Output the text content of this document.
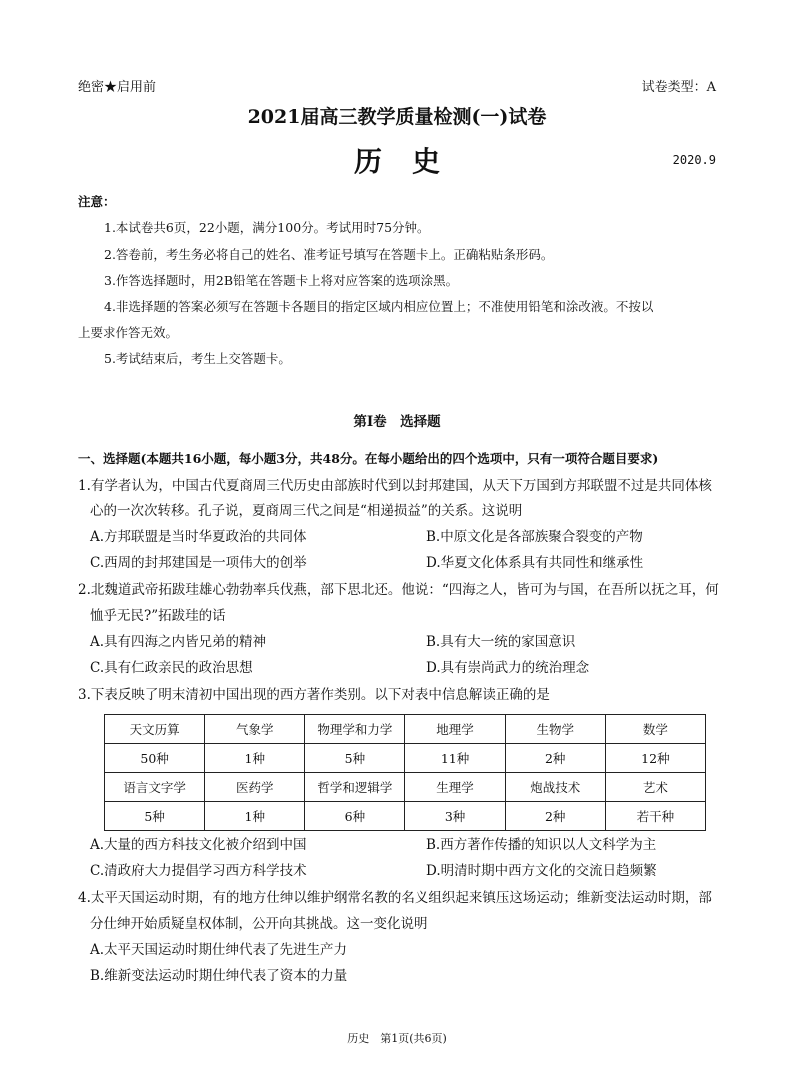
绝密★启用前	试卷类型：A
2021届高三教学质量检测(一)试卷
历史	2020.9
注意：
1.本试卷共6页，22小题，满分100分。考试用时75分钟。
2.答卷前，考生务必将自己的姓名、准考证号填写在答题卡上。正确粘贴条形码。
3.作答选择题时，用2B铅笔在答题卡上将对应答案的选项涂黑。
4.非选择题的答案必须写在答题卡各题目的指定区域内相应位置上；不准使用铅笔和涂改液。不按以
上要求作答无效。
5.考试结束后，考生上交答题卡。
第Ⅰ卷　选择题
一、选择题(本题共16小题，每小题3分，共48分。在每小题给出的四个选项中，只有一项符合题目要求)
1.有学者认为，中国古代夏商周三代历史由部族时代到以封邦建国，从天下万国到方邦联盟不过是共同体核
心的一次次转移。孔子说，夏商周三代之间是“相递损益”的关系。这说明
A.方邦联盟是当时华夏政治的共同体	B.中原文化是各部族聚合裂变的产物
C.西周的封邦建国是一项伟大的创举	D.华夏文化体系具有共同性和继承性
2.北魏道武帝拓跋珪雄心勃勃率兵伐燕，部下思北还。他说：“四海之人，皆可为与国，在吾所以抚之耳，何
恤乎无民?”拓跋珪的话
A.具有四海之内皆兄弟的精神	B.具有大一统的家国意识
C.具有仁政亲民的政治思想	D.具有崇尚武力的统治理念
3.下表反映了明末清初中国出现的西方著作类别。以下对表中信息解读正确的是
天文历算	气象学	物理学和力学	地理学	生物学	数学
50种	1种	5种	11种	2种	12种
语言文字学	医药学	哲学和逻辑学	生理学	炮战技术	艺术
5种	1种	6种	3种	2种	若干种
A.大量的西方科技文化被介绍到中国	B.西方著作传播的知识以人文科学为主
C.清政府大力提倡学习西方科学技术	D.明清时期中西方文化的交流日趋频繁
4.太平天国运动时期，有的地方仕绅以维护纲常名教的名义组织起来镇压这场运动；维新变法运动时期，部
分仕绅开始质疑皇权体制，公开向其挑战。这一变化说明
A.太平天国运动时期仕绅代表了先进生产力
B.维新变法运动时期仕绅代表了资本的力量
历史　第1页(共6页)
